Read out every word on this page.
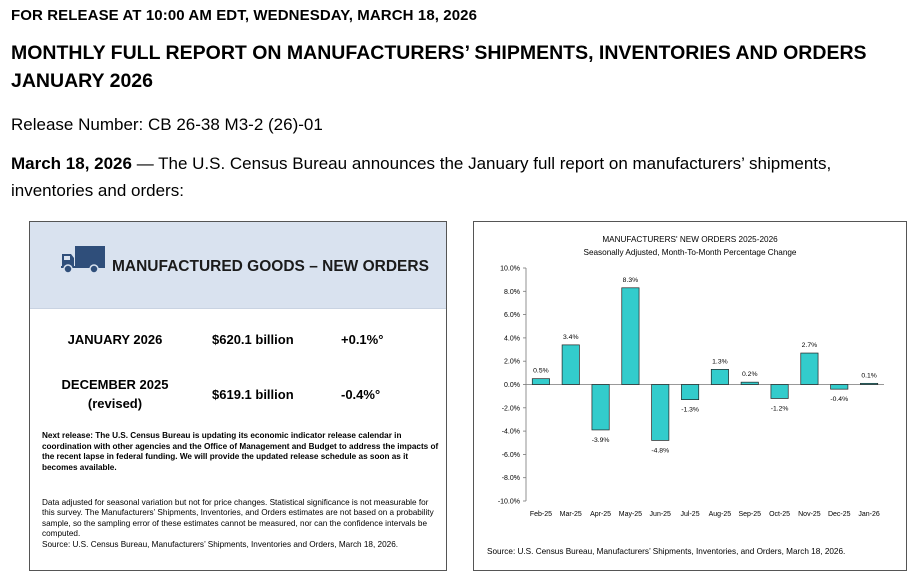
FOR RELEASE AT 10:00 AM EDT, WEDNESDAY, MARCH 18, 2026
MONTHLY FULL REPORT ON MANUFACTURERS’ SHIPMENTS, INVENTORIES AND ORDERS JANUARY 2026
Release Number: CB 26-38 M3-2 (26)-01
March 18, 2026 — The U.S. Census Bureau announces the January full report on manufacturers’ shipments, inventories and orders:
MANUFACTURED GOODS – NEW ORDERS
JANUARY 2026	$620.1 billion	+0.1%°
DECEMBER 2025
(revised)
$619.1 billion	-0.4%°
Next release: The U.S. Census Bureau is updating its economic indicator release calendar in coordination with other agencies and the Office of Management and Budget to address the impacts of the recent lapse in federal funding. We will provide the updated release schedule as soon as it becomes available.
Data adjusted for seasonal variation but not for price changes. Statistical significance is not measurable for this survey. The Manufacturers’ Shipments, Inventories, and Orders estimates are not based on a probability sample, so the sampling error of these estimates cannot be measured, nor can the confidence intervals be computed.
Source: U.S. Census Bureau, Manufacturers’ Shipments, Inventories and Orders, March 18, 2026.
MANUFACTURERS' NEW ORDERS 2025-2026
Seasonally Adjusted, Month-To-Month Percentage Change
10.0%
8.0%
6.0%
4.0%
2.0%
0.0%
-2.0%
-4.0%
-6.0%
-8.0%
-10.0%
0.5%
Feb-25
3.4%
Mar-25
-3.9%
Apr-25
8.3%
May-25
-4.8%
Jun-25
-1.3%
Jul-25
1.3%
Aug-25
0.2%
Sep-25
-1.2%
Oct-25
2.7%
Nov-25
-0.4%
Dec-25
0.1%
Jan-26
Source: U.S. Census Bureau, Manufacturers’ Shipments, Inventories, and Orders, March 18, 2026.
